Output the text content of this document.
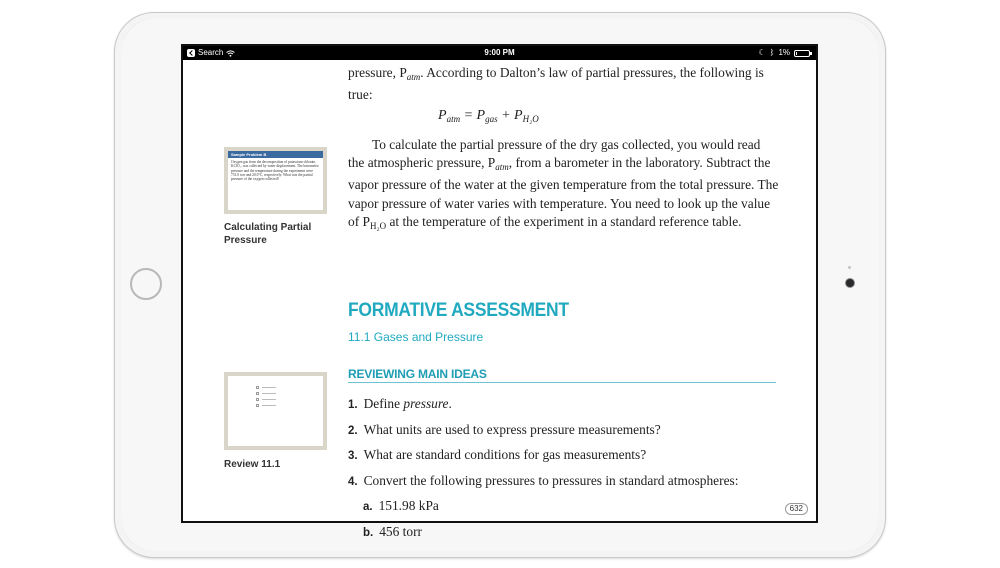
Search	9:00 PM	☾ ᛒ 1%
pressure, $P_{atm}$. According to Dalton’s law of partial pressures, the following is true:
$P_{atm} = P_{gas} + P_{H_2O}$
To calculate the partial pressure of the dry gas collected, you would read the atmospheric pressure, $P_{atm}$, from a barometer in the laboratory. Subtract the vapor pressure of the water at the given temperature from the total pressure. The vapor pressure of water varies with temperature. You need to look up the value of $P_{H_2O}$ at the temperature of the experiment in a standard reference table.
Sample Problem B
Oxygen gas from the decomposition of potassium chlorate, KClO₃, was collected by water displacement. The barometric pressure and the temperature during the experiment were 731.0 torr and 20.0°C, respectively. What was the partial pressure of the oxygen collected?
Calculating Partial Pressure
FORMATIVE ASSESSMENT
11.1 Gases and Pressure
REVIEWING MAIN IDEAS
Review 11.1
1. Define pressure.
2. What units are used to express pressure measurements?
3. What are standard conditions for gas measurements?
4. Convert the following pressures to pressures in standard atmospheres:
a. 151.98 kPa
b. 456 torr
632
